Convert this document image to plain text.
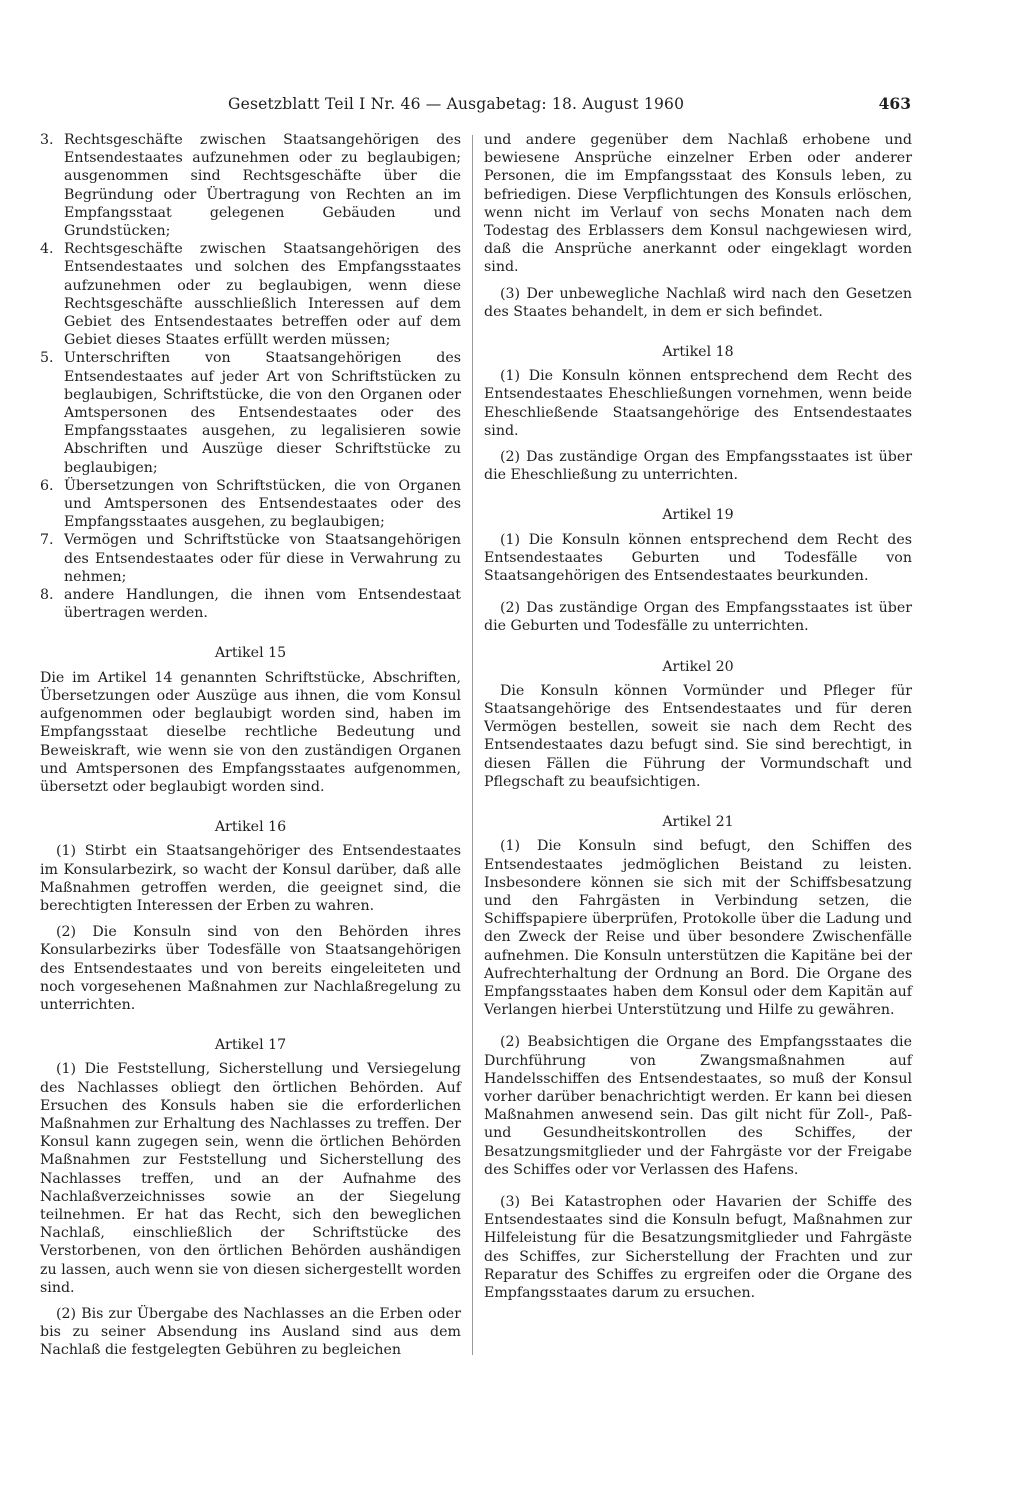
Gesetzblatt Teil I Nr. 46 — Ausgabetag: 18. August 1960	463
3. Rechtsgeschäfte zwischen Staatsangehörigen des Entsendestaates aufzunehmen oder zu beglaubigen; ausgenommen sind Rechtsgeschäfte über die Begründung oder Übertragung von Rechten an im Empfangsstaat gelegenen Gebäuden und Grundstücken;
4. Rechtsgeschäfte zwischen Staatsangehörigen des Entsendestaates und solchen des Empfangsstaates aufzunehmen oder zu beglaubigen, wenn diese Rechtsgeschäfte ausschließlich Interessen auf dem Gebiet des Entsendestaates betreffen oder auf dem Gebiet dieses Staates erfüllt werden müssen;
5. Unterschriften von Staatsangehörigen des Entsendestaates auf jeder Art von Schriftstücken zu beglaubigen, Schriftstücke, die von den Organen oder Amtspersonen des Entsendestaates oder des Empfangsstaates ausgehen, zu legalisieren sowie Abschriften und Auszüge dieser Schriftstücke zu beglaubigen;
6. Übersetzungen von Schriftstücken, die von Organen und Amtspersonen des Entsendestaates oder des Empfangsstaates ausgehen, zu beglaubigen;
7. Vermögen und Schriftstücke von Staatsangehörigen des Entsendestaates oder für diese in Verwahrung zu nehmen;
8. andere Handlungen, die ihnen vom Entsendestaat übertragen werden.
Artikel 15

Die im Artikel 14 genannten Schriftstücke, Abschriften, Übersetzungen oder Auszüge aus ihnen, die vom Konsul aufgenommen oder beglaubigt worden sind, haben im Empfangsstaat dieselbe rechtliche Bedeutung und Beweiskraft, wie wenn sie von den zuständigen Organen und Amtspersonen des Empfangsstaates aufgenommen, übersetzt oder beglaubigt worden sind.

Artikel 16

(1) Stirbt ein Staatsangehöriger des Entsendestaates im Konsularbezirk, so wacht der Konsul darüber, daß alle Maßnahmen getroffen werden, die geeignet sind, die berechtigten Interessen der Erben zu wahren.

(2) Die Konsuln sind von den Behörden ihres Konsularbezirks über Todesfälle von Staatsangehörigen des Entsendestaates und von bereits eingeleiteten und noch vorgesehenen Maßnahmen zur Nachlaßregelung zu unterrichten.

Artikel 17

(1) Die Feststellung, Sicherstellung und Versiegelung des Nachlasses obliegt den örtlichen Behörden. Auf Ersuchen des Konsuls haben sie die erforderlichen Maßnahmen zur Erhaltung des Nachlasses zu treffen. Der Konsul kann zugegen sein, wenn die örtlichen Behörden Maßnahmen zur Feststellung und Sicherstellung des Nachlasses treffen, und an der Aufnahme des Nachlaßverzeichnisses sowie an der Siegelung teilnehmen. Er hat das Recht, sich den beweglichen Nachlaß, einschließlich der Schriftstücke des Verstorbenen, von den örtlichen Behörden aushändigen zu lassen, auch wenn sie von diesen sichergestellt worden sind.

(2) Bis zur Übergabe des Nachlasses an die Erben oder bis zu seiner Absendung ins Ausland sind aus dem Nachlaß die festgelegten Gebühren zu begleichen

und andere gegenüber dem Nachlaß erhobene und bewiesene Ansprüche einzelner Erben oder anderer Personen, die im Empfangsstaat des Konsuls leben, zu befriedigen. Diese Verpflichtungen des Konsuls erlöschen, wenn nicht im Verlauf von sechs Monaten nach dem Todestag des Erblassers dem Konsul nachgewiesen wird, daß die Ansprüche anerkannt oder eingeklagt worden sind.

(3) Der unbewegliche Nachlaß wird nach den Gesetzen des Staates behandelt, in dem er sich befindet.

Artikel 18

(1) Die Konsuln können entsprechend dem Recht des Entsendestaates Eheschließungen vornehmen, wenn beide Eheschließende Staatsangehörige des Entsendestaates sind.

(2) Das zuständige Organ des Empfangsstaates ist über die Eheschließung zu unterrichten.

Artikel 19

(1) Die Konsuln können entsprechend dem Recht des Entsendestaates Geburten und Todesfälle von Staatsangehörigen des Entsendestaates beurkunden.

(2) Das zuständige Organ des Empfangsstaates ist über die Geburten und Todesfälle zu unterrichten.

Artikel 20

Die Konsuln können Vormünder und Pfleger für Staatsangehörige des Entsendestaates und für deren Vermögen bestellen, soweit sie nach dem Recht des Entsendestaates dazu befugt sind. Sie sind berechtigt, in diesen Fällen die Führung der Vormundschaft und Pflegschaft zu beaufsichtigen.

Artikel 21

(1) Die Konsuln sind befugt, den Schiffen des Entsendestaates jedmöglichen Beistand zu leisten. Insbesondere können sie sich mit der Schiffsbesatzung und den Fahrgästen in Verbindung setzen, die Schiffspapiere überprüfen, Protokolle über die Ladung und den Zweck der Reise und über besondere Zwischenfälle aufnehmen. Die Konsuln unterstützen die Kapitäne bei der Aufrechterhaltung der Ordnung an Bord. Die Organe des Empfangsstaates haben dem Konsul oder dem Kapitän auf Verlangen hierbei Unterstützung und Hilfe zu gewähren.

(2) Beabsichtigen die Organe des Empfangsstaates die Durchführung von Zwangsmaßnahmen auf Handelsschiffen des Entsendestaates, so muß der Konsul vorher darüber benachrichtigt werden. Er kann bei diesen Maßnahmen anwesend sein. Das gilt nicht für Zoll-, Paß- und Gesundheitskontrollen des Schiffes, der Besatzungsmitglieder und der Fahrgäste vor der Freigabe des Schiffes oder vor Verlassen des Hafens.

(3) Bei Katastrophen oder Havarien der Schiffe des Entsendestaates sind die Konsuln befugt, Maßnahmen zur Hilfeleistung für die Besatzungsmitglieder und Fahrgäste des Schiffes, zur Sicherstellung der Frachten und zur Reparatur des Schiffes zu ergreifen oder die Organe des Empfangsstaates darum zu ersuchen.
